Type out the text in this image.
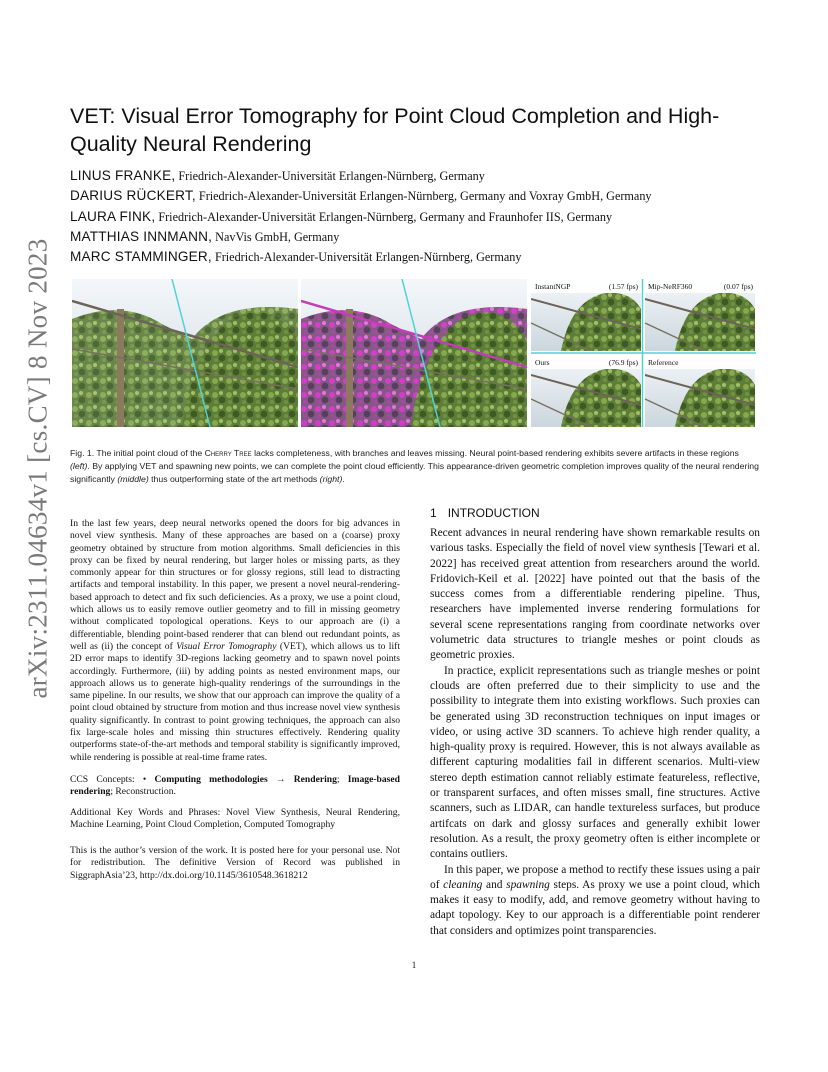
arXiv:2311.04634v1 [cs.CV] 8 Nov 2023
VET: Visual Error Tomography for Point Cloud Completion and High-Quality Neural Rendering
LINUS FRANKE, Friedrich-Alexander-Universität Erlangen-Nürnberg, Germany
DARIUS RÜCKERT, Friedrich-Alexander-Universität Erlangen-Nürnberg, Germany and Voxray GmbH, Germany
LAURA FINK, Friedrich-Alexander-Universität Erlangen-Nürnberg, Germany and Fraunhofer IIS, Germany
MATTHIAS INNMANN, NavVis GmbH, Germany
MARC STAMMINGER, Friedrich-Alexander-Universität Erlangen-Nürnberg, Germany
InstantNGP	(1.57 fps) Mip-NeRF360	(0.07 fps)
Ours	(76.9 fps) Reference
Fig. 1. The initial point cloud of the Cherry Tree lacks completeness, with branches and leaves missing. Neural point-based rendering exhibits severe artifacts in these regions (left). By applying VET and spawning new points, we can complete the point cloud efficiently. This appearance-driven geometric completion improves quality of the neural rendering significantly (middle) thus outperforming state of the art methods (right).

In the last few years, deep neural networks opened the doors for big advances in novel view synthesis. Many of these approaches are based on a (coarse) proxy geometry obtained by structure from motion algorithms. Small deficiencies in this proxy can be fixed by neural rendering, but larger holes or missing parts, as they commonly appear for thin structures or for glossy regions, still lead to distracting artifacts and temporal instability. In this paper, we present a novel neural-rendering-based approach to detect and fix such deficiencies. As a proxy, we use a point cloud, which allows us to easily remove outlier geometry and to fill in missing geometry without complicated topological operations. Keys to our approach are (i) a differentiable, blending point-based renderer that can blend out redundant points, as well as (ii) the concept of Visual Error Tomography (VET), which allows us to lift 2D error maps to identify 3D-regions lacking geometry and to spawn novel points accordingly. Furthermore, (iii) by adding points as nested environment maps, our approach allows us to generate high-quality renderings of the surroundings in the same pipeline. In our results, we show that our approach can improve the quality of a point cloud obtained by structure from motion and thus increase novel view synthesis quality significantly. In contrast to point growing techniques, the approach can also fix large-scale holes and missing thin structures effectively. Rendering quality outperforms state-of-the-art methods and temporal stability is significantly improved, while rendering is possible at real-time frame rates.

CCS Concepts: • Computing methodologies → Rendering; Image-based rendering; Reconstruction.

Additional Key Words and Phrases: Novel View Synthesis, Neural Rendering, Machine Learning, Point Cloud Completion, Computed Tomography

This is the author’s version of the work. It is posted here for your personal use. Not for redistribution. The definitive Version of Record was published in SiggraphAsia’23, http://dx.doi.org/10.1145/3610548.3618212

1 INTRODUCTION

Recent advances in neural rendering have shown remarkable results on various tasks. Especially the field of novel view synthesis [Tewari et al. 2022] has received great attention from researchers around the world. Fridovich-Keil et al. [2022] have pointed out that the basis of the success comes from a differentiable rendering pipeline. Thus, researchers have implemented inverse rendering formulations for several scene representations ranging from coordinate networks over volumetric data structures to triangle meshes or point clouds as geometric proxies.

In practice, explicit representations such as triangle meshes or point clouds are often preferred due to their simplicity to use and the possibility to integrate them into existing workflows. Such proxies can be generated using 3D reconstruction techniques on input images or video, or using active 3D scanners. To achieve high render quality, a high-quality proxy is required. However, this is not always available as different capturing modalities fail in different scenarios. Multi-view stereo depth estimation cannot reliably estimate featureless, reflective, or transparent surfaces, and often misses small, fine structures. Active scanners, such as LIDAR, can handle textureless surfaces, but produce artifcats on dark and glossy surfaces and generally exhibit lower resolution. As a result, the proxy geometry often is either incomplete or contains outliers.

In this paper, we propose a method to rectify these issues using a pair of cleaning and spawning steps. As proxy we use a point cloud, which makes it easy to modify, add, and remove geometry without having to adapt topology. Key to our approach is a differentiable point renderer that considers and optimizes point transparencies.

1
